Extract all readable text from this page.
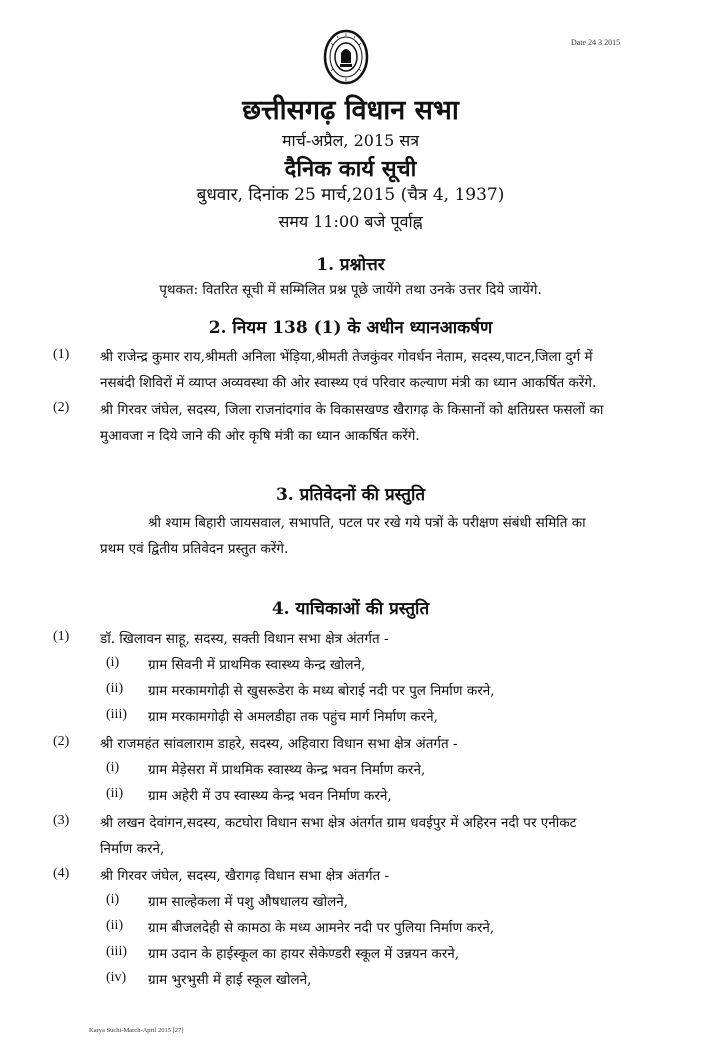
Date 24 3 2015
छत्तीसगढ़ विधान सभा
मार्च-अप्रैल, 2015 सत्र
दैनिक कार्य सूची
बुधवार, दिनांक 25 मार्च,2015 (चैत्र 4, 1937)
समय 11:00 बजे पूर्वाह्न
1. प्रश्नोत्तर
पृथकत: वितरित सूची में सम्मिलित प्रश्न पूछे जायेंगे तथा उनके उत्तर दिये जायेंगे.
2. नियम 138 (1) के अधीन ध्यानआकर्षण
(1) श्री राजेन्द्र कुमार राय,श्रीमती अनिला भेंड़िया,श्रीमती तेजकुंवर गोवर्धन नेताम, सदस्य,पाटन,जिला दुर्ग में
नसबंदी शिविरों में व्याप्त अव्यवस्था की ओर स्वास्थ्य एवं परिवार कल्याण मंत्री का ध्यान आकर्षित करेंगे.
(2) श्री गिरवर जंघेल, सदस्य, जिला राजनांदगांव के विकासखण्ड खैरागढ़ के किसानों को क्षतिग्रस्त फसलों का
मुआवजा न दिये जाने की ओर कृषि मंत्री का ध्यान आकर्षित करेंगे.
3. प्रतिवेदनों की प्रस्तुति
श्री श्याम बिहारी जायसवाल, सभापति, पटल पर रखे गये पत्रों के परीक्षण संबंधी समिति का
प्रथम एवं द्वितीय प्रतिवेदन प्रस्तुत करेंगे.
4. याचिकाओं की प्रस्तुति
(1) डॉ. खिलावन साहू, सदस्य, सक्ती विधान सभा क्षेत्र अंतर्गत -
(i) ग्राम सिवनी में प्राथमिक स्वास्थ्य केन्द्र खोलने,
(ii) ग्राम मरकामगोढ़ी से खुसरूडेरा के मध्य बोराई नदी पर पुल निर्माण करने,
(iii) ग्राम मरकामगोढ़ी से अमलडीहा तक पहुंच मार्ग निर्माण करने,
(2) श्री राजमहंत सांवलाराम डाहरे, सदस्य, अहिवारा विधान सभा क्षेत्र अंतर्गत -
(i) ग्राम मेड़ेसरा में प्राथमिक स्वास्थ्य केन्द्र भवन निर्माण करने,
(ii) ग्राम अहेरी में उप स्वास्थ्य केन्द्र भवन निर्माण करने,
(3) श्री लखन देवांगन,सदस्य, कटघोरा विधान सभा क्षेत्र अंतर्गत ग्राम धवईपुर में अहिरन नदी पर एनीकट
निर्माण करने,
(4) श्री गिरवर जंघेल, सदस्य, खैरागढ़ विधान सभा क्षेत्र अंतर्गत -
(i) ग्राम साल्हेकला में पशु औषधालय खोलने,
(ii) ग्राम बीजलदेही से कामठा के मध्य आमनेर नदी पर पुलिया निर्माण करने,
(iii) ग्राम उदान के हाईस्कूल का हायर सेकेण्डरी स्कूल में उन्नयन करने,
(iv) ग्राम भुरभुसी में हाई स्कूल खोलने,
Karya Suchi-March-April 2015 [27]
